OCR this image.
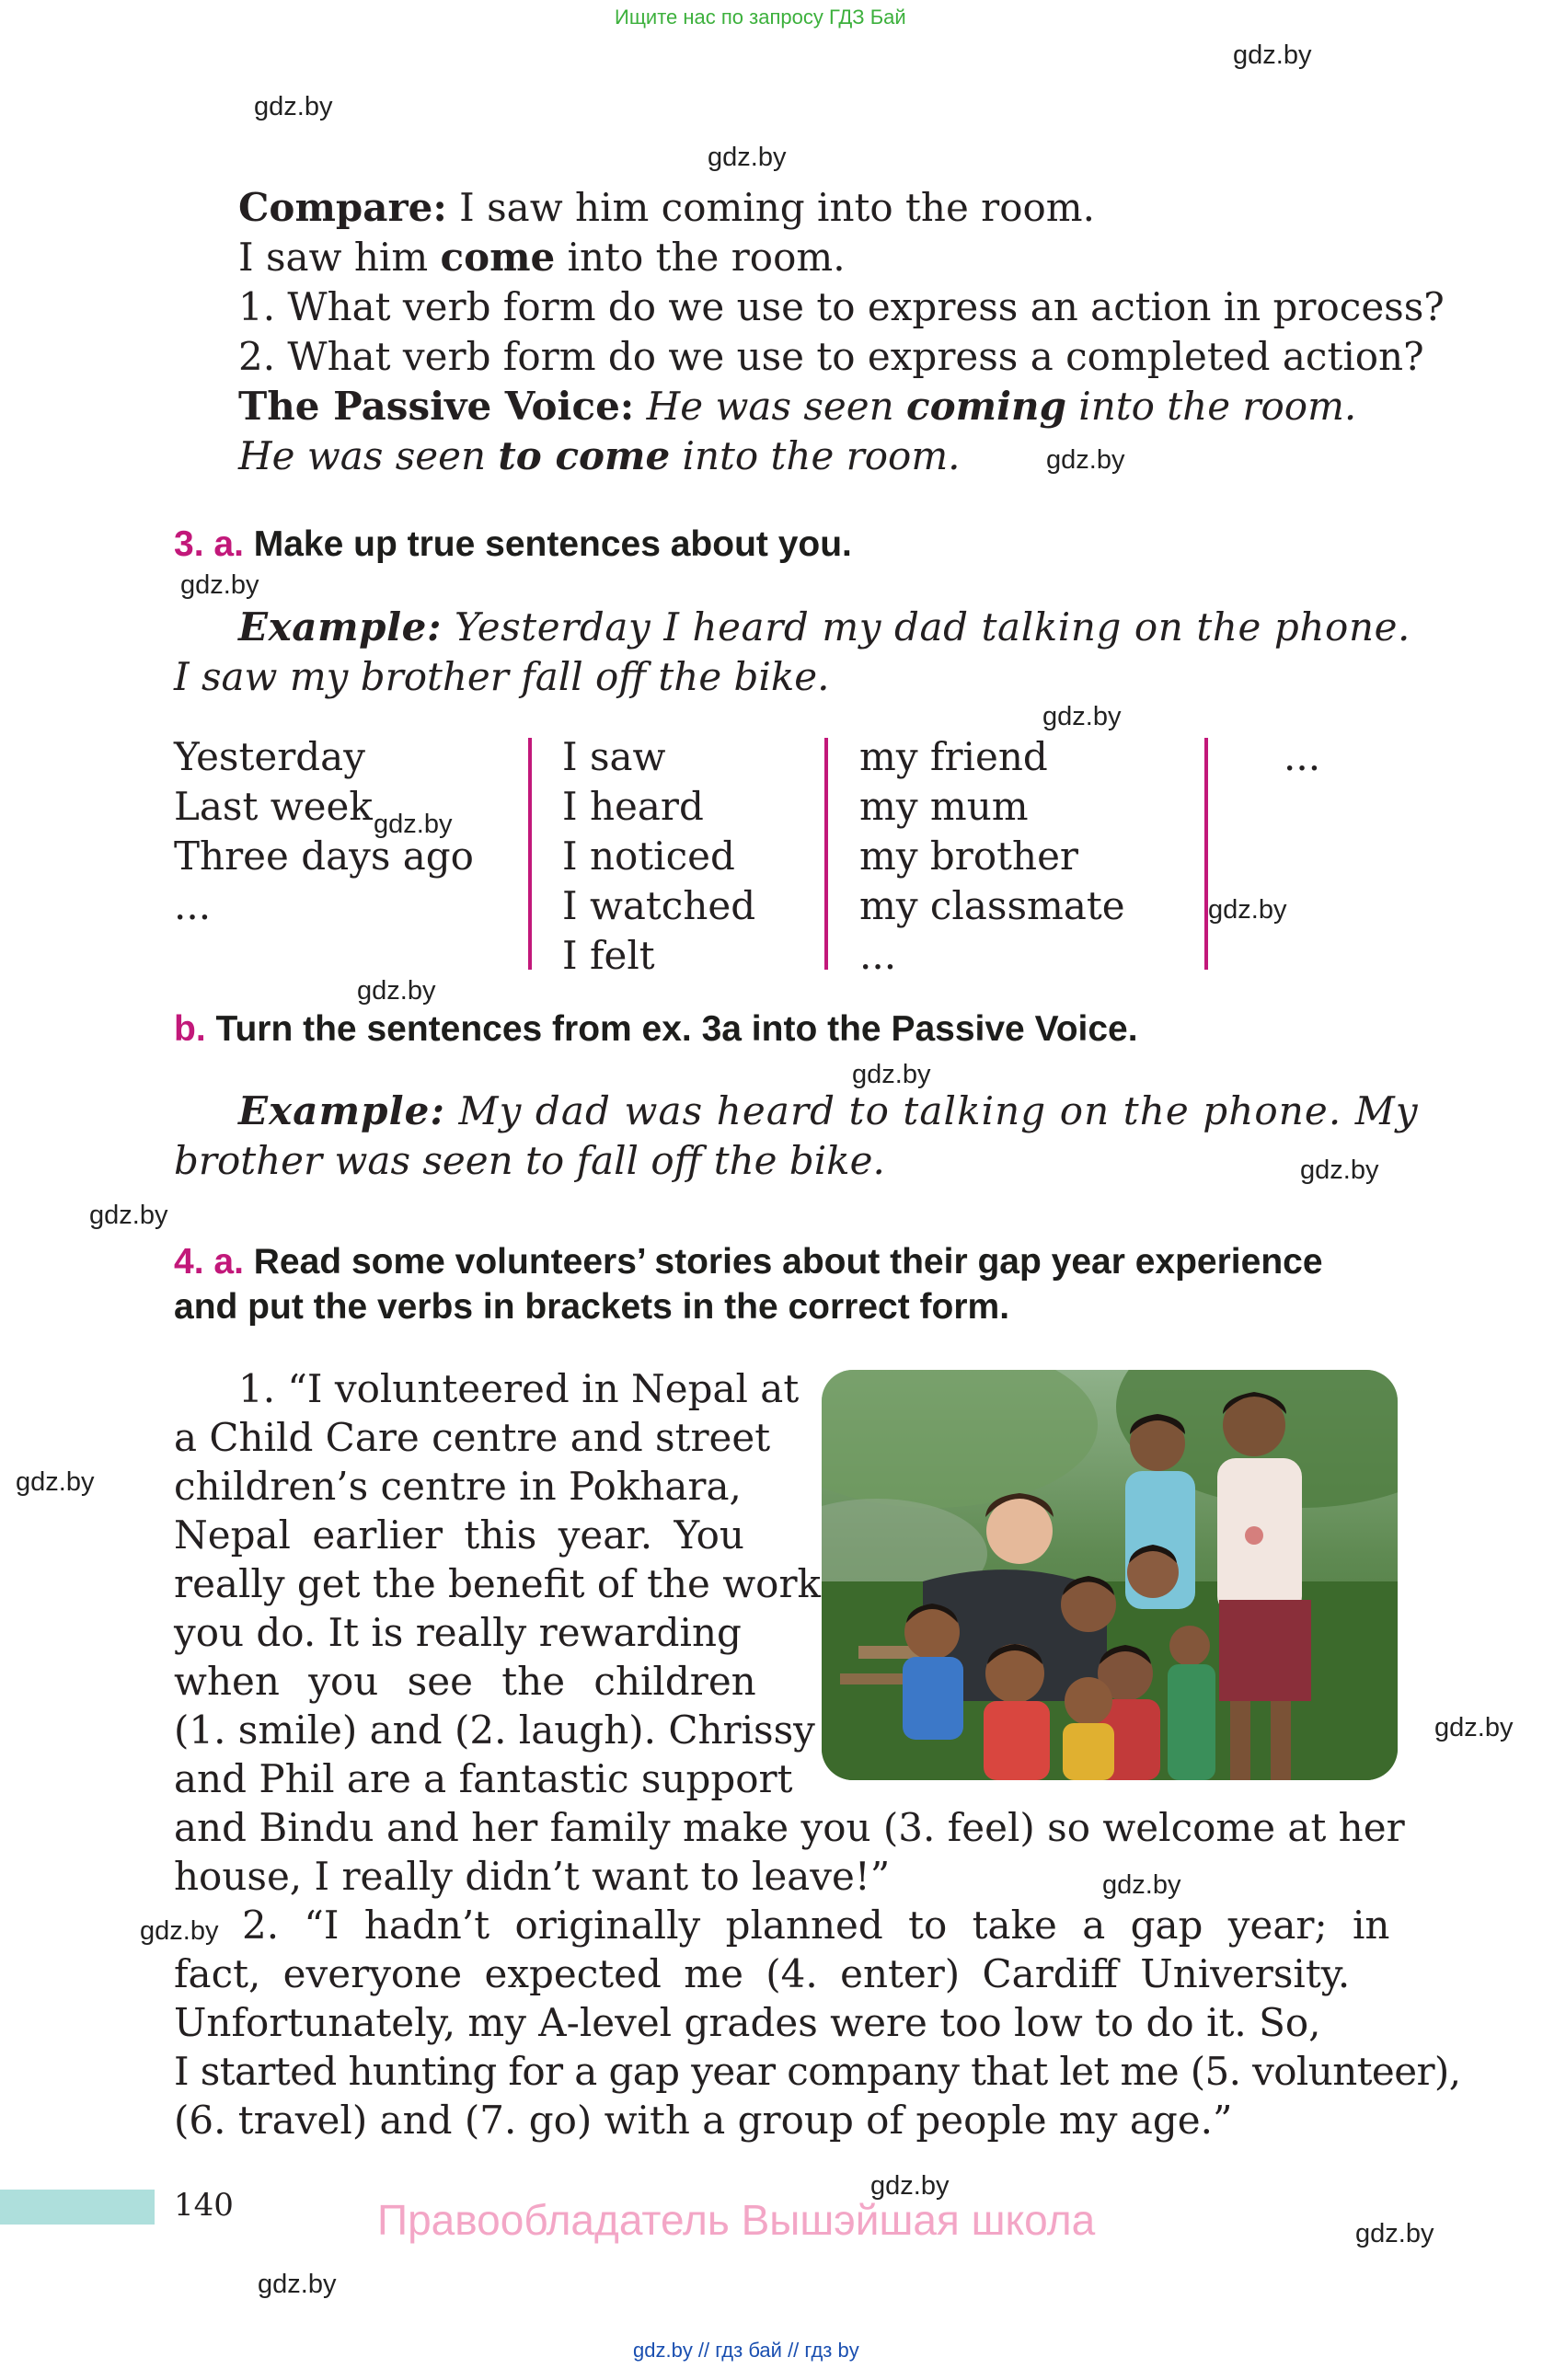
Ищите нас по запросу ГДЗ Бай
gdz.by
gdz.by
gdz.by
gdz.by
gdz.by
gdz.by
gdz.by
gdz.by
gdz.by
gdz.by
gdz.by
gdz.by
gdz.by
gdz.by
gdz.by
gdz.by
gdz.by
gdz.by
gdz.by
Compare: I saw him coming into the room.
I saw him come into the room.
1. What verb form do we use to express an action in process?
2. What verb form do we use to express a completed action?
The Passive Voice: He was seen coming into the room.
He was seen to come into the room.
3. a. Make up true sentences about you.
Example: Yesterday I heard my dad talking on the phone.
I saw my brother fall off the bike.
Yesterday
Last week
Three days ago
...
I saw
I heard
I noticed
I watched
I felt
my friend
my mum
my brother
my classmate
...
...
b. Turn the sentences from ex. 3a into the Passive Voice.
Example: My dad was heard to talking on the phone. My
brother was seen to fall off the bike.
4. a. Read some volunteers’ stories about their gap year experience
and put the verbs in brackets in the correct form.
1. “I volunteered in Nepal at
a Child Care centre and street
children’s centre in Pokhara,
Nepal earlier this year. You
really get the benefit of the work
you do. It is really rewarding
when you see the children
(1. smile) and (2. laugh). Chrissy
and Phil are a fantastic support
and Bindu and her family make you (3. feel) so welcome at her
house, I really didn’t want to leave!”
2. “I hadn’t originally planned to take a gap year; in
fact, everyone expected me (4. enter) Cardiff University.
Unfortunately, my A-level grades were too low to do it. So,
I started hunting for a gap year company that let me (5. volunteer),
(6. travel) and (7. go) with a group of people my age.”
140	Правообладатель Вышэйшая школа
gdz.by // гдз бай // гдз by
